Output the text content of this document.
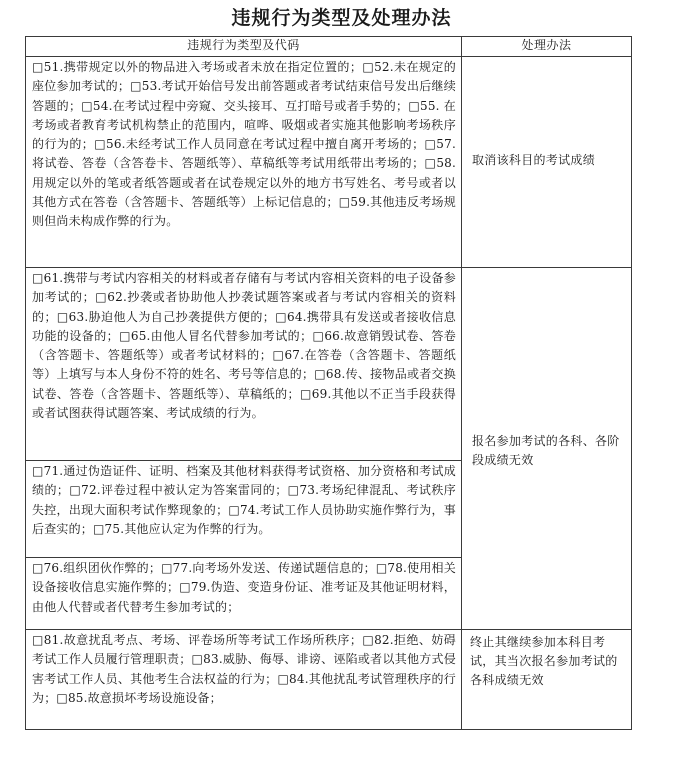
违规行为类型及处理办法
违规行为类型及代码	处理办法

□51.携带规定以外的物品进入考场或者未放在指定位置的；□52.未在规定的座位参加考试的；□53.考试开始信号发出前答题或者考试结束信号发出后继续答题的；□54.在考试过程中旁窥、交头接耳、互打暗号或者手势的；□55. 在考场或者教育考试机构禁止的范围内，喧哗、吸烟或者实施其他影响考场秩序的行为的；□56.未经考试工作人员同意在考试过程中擅自离开考场的；□57.将试卷、答卷（含答卷卡、答题纸等）、草稿纸等考试用纸带出考场的；□58.用规定以外的笔或者纸答题或者在试卷规定以外的地方书写姓名、考号或者以其他方式在答卷（含答题卡、答题纸等）上标记信息的；□59.其他违反考场规则但尚未构成作弊的行为。	取消该科目的考试成绩

□61.携带与考试内容相关的材料或者存储有与考试内容相关资料的电子设备参加考试的；□62.抄袭或者协助他人抄袭试题答案或者与考试内容相关的资料的；□63.胁迫他人为自己抄袭提供方便的；□64.携带具有发送或者接收信息功能的设备的；□65.由他人冒名代替参加考试的；□66.故意销毁试卷、答卷（含答题卡、答题纸等）或者考试材料的；□67.在答卷（含答题卡、答题纸等）上填写与本人身份不符的姓名、考号等信息的；□68.传、接物品或者交换试卷、答卷（含答题卡、答题纸等）、草稿纸的；□69.其他以不正当手段获得或者试图获得试题答案、考试成绩的行为。	报名参加考试的各科、各阶段成绩无效

□71.通过伪造证件、证明、档案及其他材料获得考试资格、加分资格和考试成绩的；□72.评卷过程中被认定为答案雷同的；□73.考场纪律混乱、考试秩序失控，出现大面积考试作弊现象的；□74.考试工作人员协助实施作弊行为，事后查实的；□75.其他应认定为作弊的行为。	

□76.组织团伙作弊的；□77.向考场外发送、传递试题信息的；□78.使用相关设备接收信息实施作弊的；□79.伪造、变造身份证、准考证及其他证明材料，由他人代替或者代替考生参加考试的；	

□81.故意扰乱考点、考场、评卷场所等考试工作场所秩序；□82.拒绝、妨碍考试工作人员履行管理职责；□83.威胁、侮辱、诽谤、诬陷或者以其他方式侵害考试工作人员、其他考生合法权益的行为；□84.其他扰乱考试管理秩序的行为；□85.故意损坏考场设施设备；	终止其继续参加本科目考试，其当次报名参加考试的各科成绩无效
